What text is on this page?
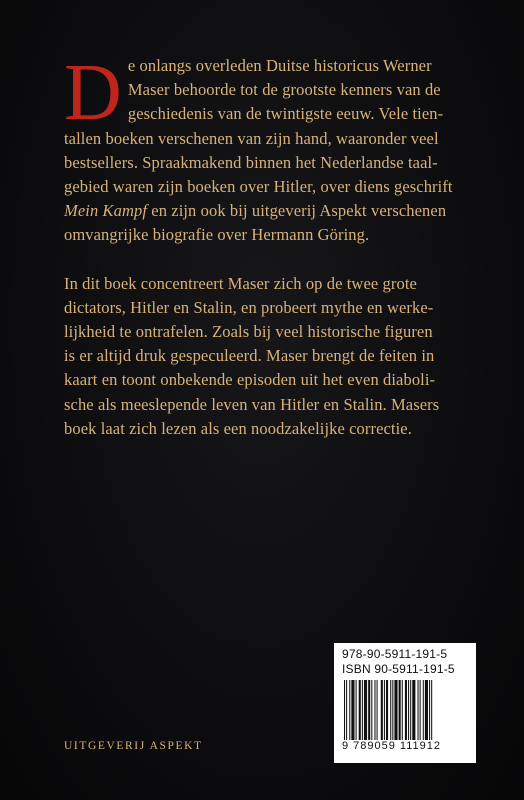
D e onlangs overleden Duitse historicus Werner
Maser behoorde tot de grootste kenners van de
geschiedenis van de twintigste eeuw. Vele tien-
tallen boeken verschenen van zijn hand, waaronder veel
bestsellers. Spraakmakend binnen het Nederlandse taal-
gebied waren zijn boeken over Hitler, over diens geschrift
Mein Kampf en zijn ook bij uitgeverij Aspekt verschenen
omvangrijke biografie over Hermann Göring.

In dit boek concentreert Maser zich op de twee grote
dictators, Hitler en Stalin, en probeert mythe en werke-
lijkheid te ontrafelen. Zoals bij veel historische figuren
is er altijd druk gespeculeerd. Maser brengt de feiten in
kaart en toont onbekende episoden uit het even diaboli-
sche als meeslepende leven van Hitler en Stalin. Masers
boek laat zich lezen als een noodzakelijke correctie.

UITGEVERIJ ASPEKT
978-90-5911-191-5
ISBN 90-5911-191-5
9 789059 111912
